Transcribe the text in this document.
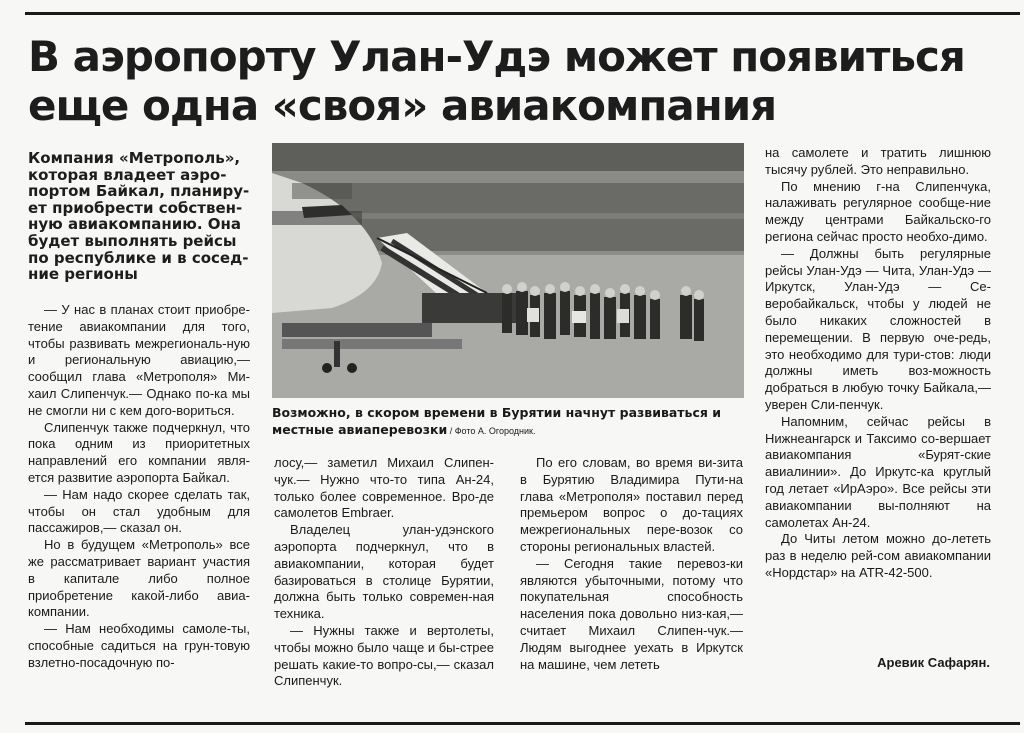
В аэропорту Улан-Удэ может появиться
еще одна «своя» авиакомпания
Компания «Метрополь», которая владеет аэро-портом Байкал, планиру-ет приобрести собствен-ную авиакомпанию. Она будет выполнять рейсы по республике и в сосед-ние регионы

— У нас в планах стоит приобре-тение авиакомпании для того, чтобы развивать межрегиональ-ную и региональную авиацию,— сообщил глава «Метрополя» Ми-хаил Слипенчук.— Однако по-ка мы не смогли ни с кем дого-вориться.

Слипенчук также подчеркнул, что пока одним из приоритетных направлений его компании явля-ется развитие аэропорта Байкал.

— Нам надо скорее сделать так, чтобы он стал удобным для пассажиров,— сказал он.

Но в будущем «Метрополь» все же рассматривает вариант участия в капитале либо полное приобретение какой-либо авиа-компании.

— Нам необходимы самоле-ты, способные садиться на грун-товую взлетно-посадочную по-

Возможно, в скором времени в Бурятии начнут развиваться и местные авиаперевозки / Фото А. Огородник.

лосу,— заметил Михаил Слипен-чук.— Нужно что-то типа Ан-24, только более современное. Вро-де самолетов Embraer.

Владелец улан-удэнского аэропорта подчеркнул, что в авиакомпании, которая будет базироваться в столице Бурятии, должна быть только современ-ная техника.

— Нужны также и вертолеты, чтобы можно было чаще и бы-стрее решать какие-то вопро-сы,— сказал Слипенчук.

По его словам, во время ви-зита в Бурятию Владимира Пути-на глава «Метрополя» поставил перед премьером вопрос о до-тациях межрегиональных пере-возок со стороны региональных властей.

— Сегодня такие перевоз-ки являются убыточными, потому что покупательная способность населения пока довольно низ-кая,— считает Михаил Слипен-чук.— Людям выгоднее уехать в Иркутск на машине, чем лететь

на самолете и тратить лишнюю тысячу рублей. Это неправильно.

По мнению г-на Слипенчука, налаживать регулярное сообще-ние между центрами Байкальско-го региона сейчас просто необхо-димо.

— Должны быть регулярные рейсы Улан-Удэ — Чита, Улан-Удэ — Иркутск, Улан-Удэ — Се-веробайкальск, чтобы у людей не было никаких сложностей в перемещении. В первую оче-редь, это необходимо для тури-стов: люди должны иметь воз-можность добраться в любую точку Байкала,— уверен Сли-пенчук.

Напомним, сейчас рейсы в Нижнеангарск и Таксимо со-вершает авиакомпания «Бурят-ские авиалинии». До Иркутс-ка круглый год летает «ИрАэро». Все рейсы эти авиакомпании вы-полняют на самолетах Ан-24.

До Читы летом можно до-лететь раз в неделю рей-сом авиакомпании «Нордстар» на ATR-42-500.

Аревик Сафарян.
